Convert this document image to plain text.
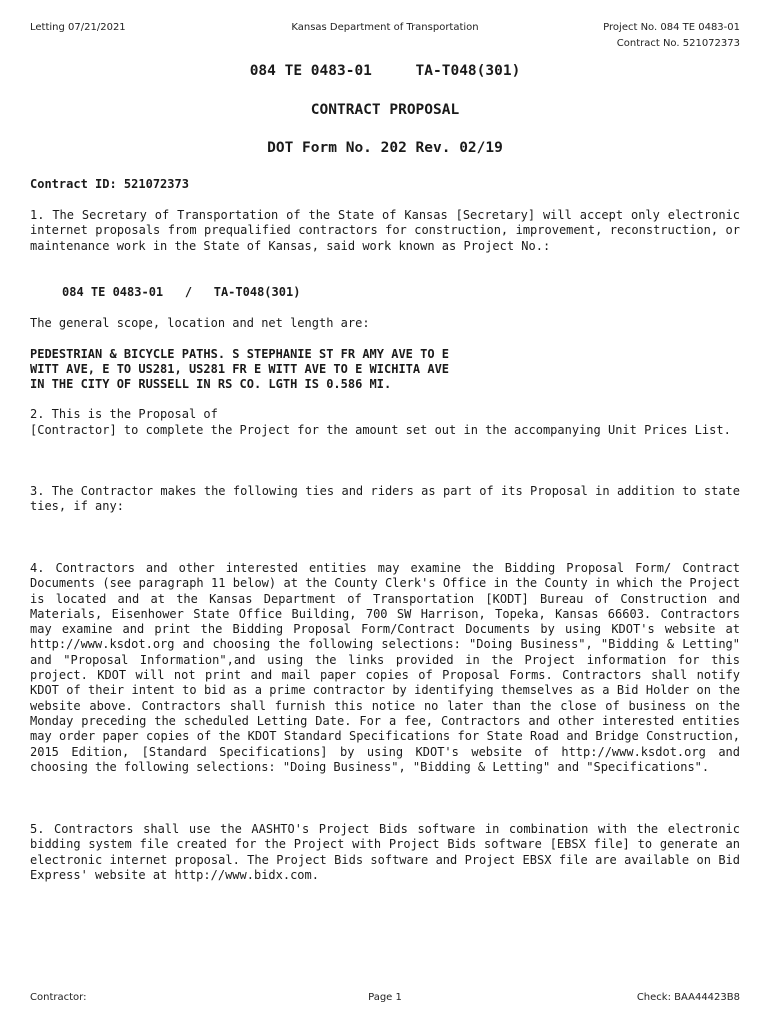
Letting 07/21/2021	Kansas Department of Transportation	Project No. 084 TE 0483-01
Contract No. 521072373
084 TE 0483-01     TA-T048(301)
CONTRACT PROPOSAL
DOT Form No. 202 Rev. 02/19
Contract ID: 521072373

1. The Secretary of Transportation of the State of Kansas [Secretary] will accept only electronic internet proposals from prequalified contractors for construction, improvement, reconstruction, or maintenance work in the State of Kansas, said work known as Project No.:

084 TE 0483-01   /   TA-T048(301)
The general scope, location and net length are:
PEDESTRIAN & BICYCLE PATHS. S STEPHANIE ST FR AMY AVE TO E
WITT AVE, E TO US281, US281 FR E WITT AVE TO E WICHITA AVE
IN THE CITY OF RUSSELL IN RS CO. LGTH IS 0.586 MI.
2. This is the Proposal of

[Contractor] to complete the Project for the amount set out in the accompanying Unit Prices List.

3. The Contractor makes the following ties and riders as part of its Proposal in addition to state ties, if any:

4. Contractors and other interested entities may examine the Bidding Proposal Form/ Contract Documents (see paragraph 11 below) at the County Clerk's Office in the County in which the Project is located and at the Kansas Department of Transportation [KODT] Bureau of Construction and Materials, Eisenhower State Office Building, 700 SW Harrison, Topeka, Kansas 66603. Contractors may examine and print the Bidding Proposal Form/Contract Documents by using KDOT's website at http://www.ksdot.org and choosing the following selections: "Doing Business", "Bidding & Letting" and "Proposal Information",and using the links provided in the Project information for this project. KDOT will not print and mail paper copies of Proposal Forms. Contractors shall notify KDOT of their intent to bid as a prime contractor by identifying themselves as a Bid Holder on the website above. Contractors shall furnish this notice no later than the close of business on the Monday preceding the scheduled Letting Date. For a fee, Contractors and other interested entities may order paper copies of the KDOT Standard Specifications for State Road and Bridge Construction, 2015 Edition, [Standard Specifications] by using KDOT's website of http://www.ksdot.org and choosing the following selections: "Doing Business", "Bidding & Letting" and "Specifications".

5. Contractors shall use the AASHTO's Project Bids software in combination with the electronic bidding system file created for the Project with Project Bids software [EBSX file] to generate an electronic internet proposal. The Project Bids software and Project EBSX file are available on Bid Express' website at http://www.bidx.com.

Contractor:	Page 1	Check: BAA44423B8
